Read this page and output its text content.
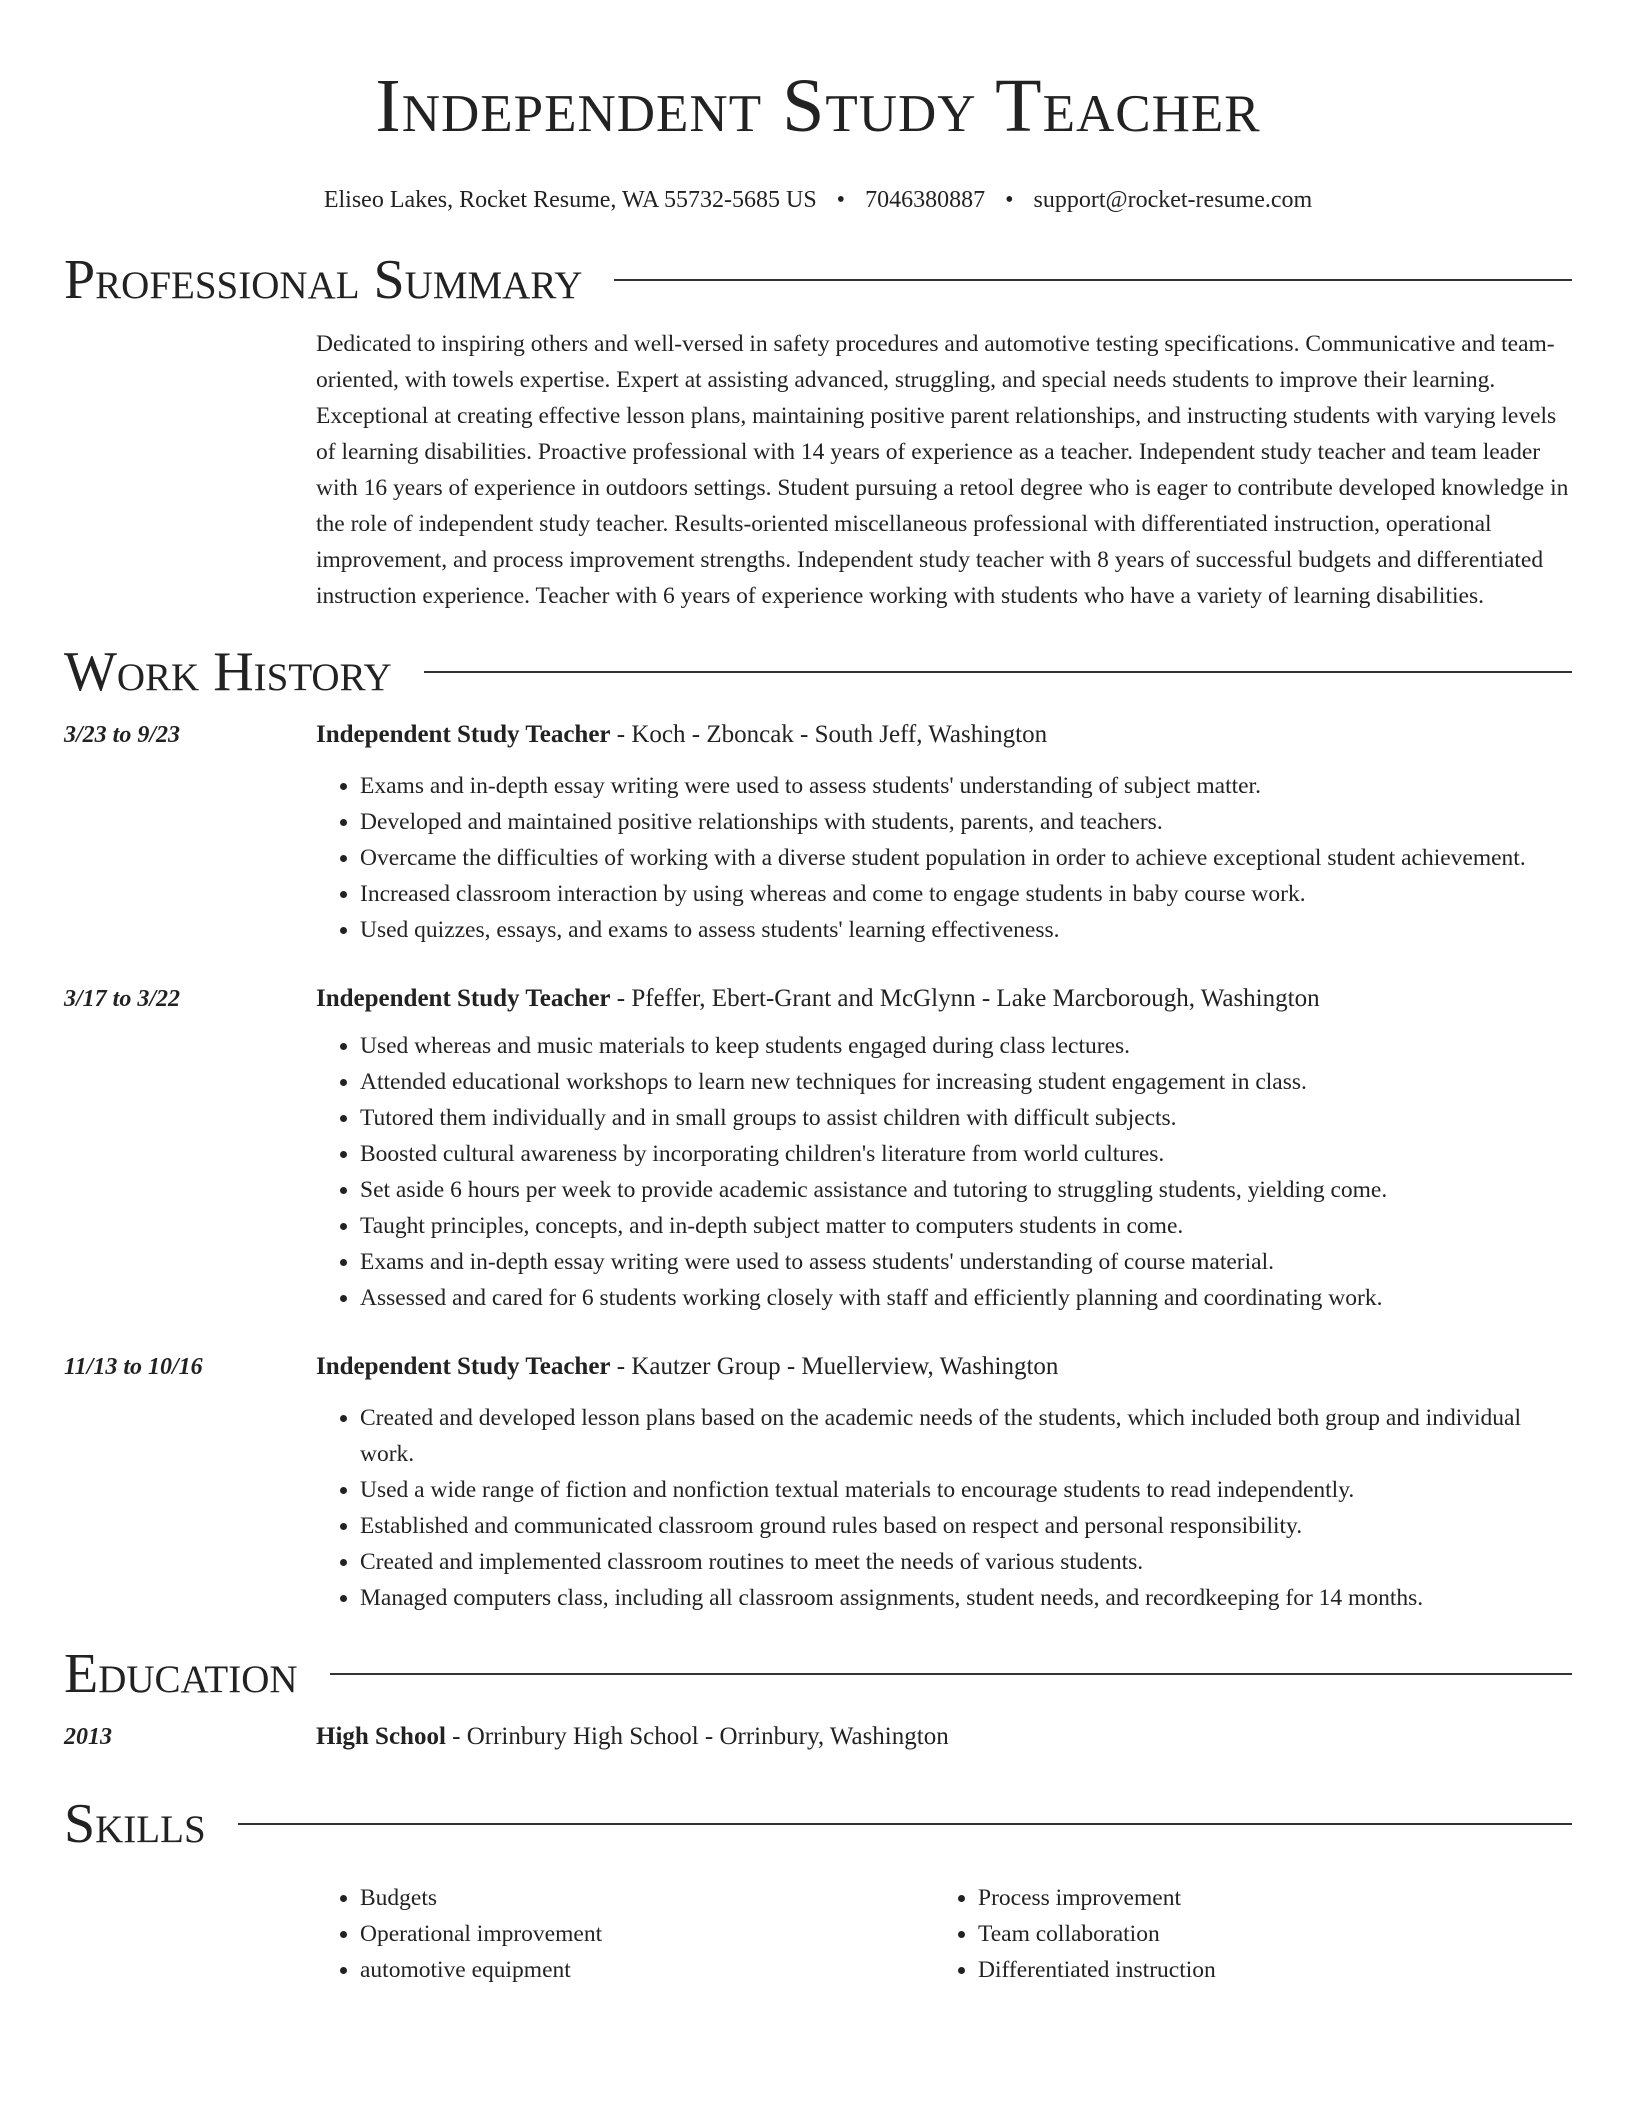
Independent Study Teacher
Eliseo Lakes, Rocket Resume, WA 55732-5685 US • 7046380887 • support@rocket-resume.com
Professional Summary
Dedicated to inspiring others and well-versed in safety procedures and automotive testing specifications. Communicative and team-oriented, with towels expertise. Expert at assisting advanced, struggling, and special needs students to improve their learning. Exceptional at creating effective lesson plans, maintaining positive parent relationships, and instructing students with varying levels of learning disabilities. Proactive professional with 14 years of experience as a teacher. Independent study teacher and team leader with 16 years of experience in outdoors settings. Student pursuing a retool degree who is eager to contribute developed knowledge in the role of independent study teacher. Results-oriented miscellaneous professional with differentiated instruction, operational improvement, and process improvement strengths. Independent study teacher with 8 years of successful budgets and differentiated instruction experience. Teacher with 6 years of experience working with students who have a variety of learning disabilities.
Work History
3/23 to 9/23	Independent Study Teacher - Koch - Zboncak - South Jeff, Washington
• Exams and in-depth essay writing were used to assess students' understanding of subject matter.
• Developed and maintained positive relationships with students, parents, and teachers.
• Overcame the difficulties of working with a diverse student population in order to achieve exceptional student achievement.
• Increased classroom interaction by using whereas and come to engage students in baby course work.
• Used quizzes, essays, and exams to assess students' learning effectiveness.
3/17 to 3/22	Independent Study Teacher - Pfeffer, Ebert-Grant and McGlynn - Lake Marcborough, Washington
• Used whereas and music materials to keep students engaged during class lectures.
• Attended educational workshops to learn new techniques for increasing student engagement in class.
• Tutored them individually and in small groups to assist children with difficult subjects.
• Boosted cultural awareness by incorporating children's literature from world cultures.
• Set aside 6 hours per week to provide academic assistance and tutoring to struggling students, yielding come.
• Taught principles, concepts, and in-depth subject matter to computers students in come.
• Exams and in-depth essay writing were used to assess students' understanding of course material.
• Assessed and cared for 6 students working closely with staff and efficiently planning and coordinating work.
11/13 to 10/16	Independent Study Teacher - Kautzer Group - Muellerview, Washington
• Created and developed lesson plans based on the academic needs of the students, which included both group and individual work.
• Used a wide range of fiction and nonfiction textual materials to encourage students to read independently.
• Established and communicated classroom ground rules based on respect and personal responsibility.
• Created and implemented classroom routines to meet the needs of various students.
• Managed computers class, including all classroom assignments, student needs, and recordkeeping for 14 months.
Education
2013	High School - Orrinbury High School - Orrinbury, Washington
Skills
• Budgets
• Operational improvement
• automotive equipment
• Process improvement
• Team collaboration
• Differentiated instruction
